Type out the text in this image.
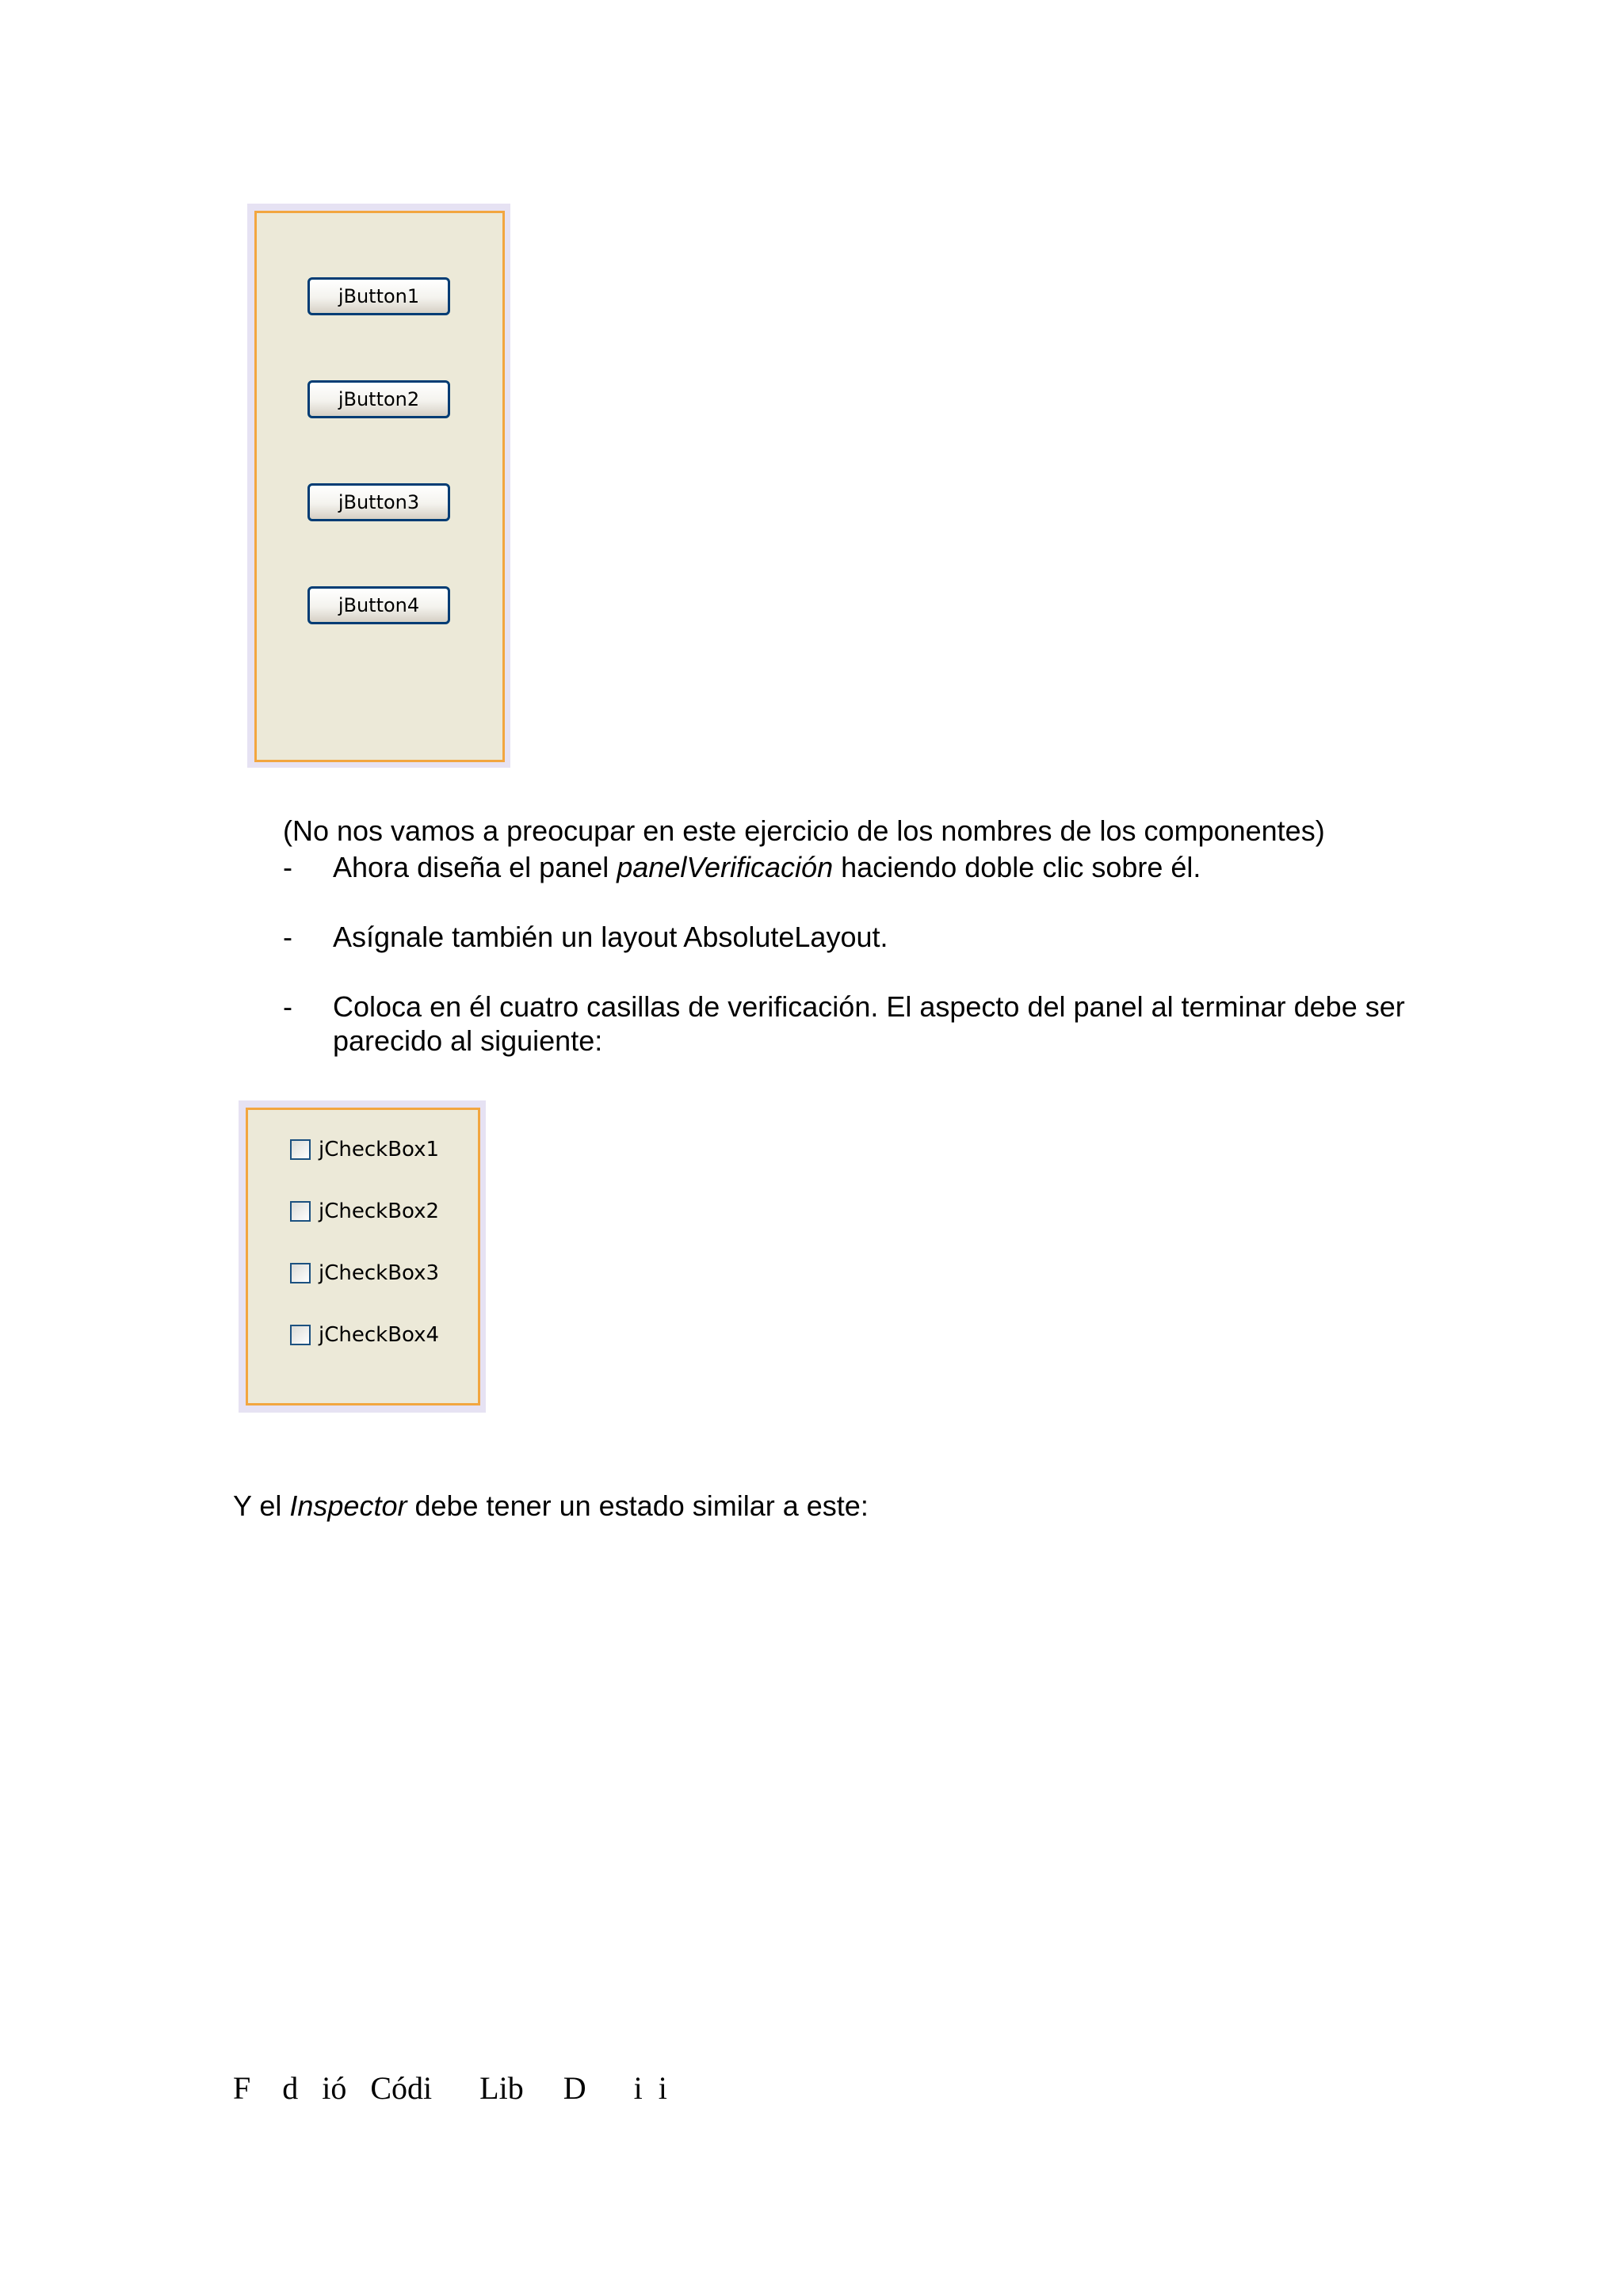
jButton1
jButton2
jButton3
jButton4
(No nos vamos a preocupar en este ejercicio de los nombres de los componentes)
- Ahora diseña el panel panelVerificación haciendo doble clic sobre él.
- Asígnale también un layout AbsoluteLayout.
- Coloca en él cuatro casillas de verificación. El aspecto del panel al terminar debe ser
parecido al siguiente:
jCheckBox1
jCheckBox2
jCheckBox3
jCheckBox4
Y el Inspector debe tener un estado similar a este:
F    d   ió   Códi      Lib     D      i  i
